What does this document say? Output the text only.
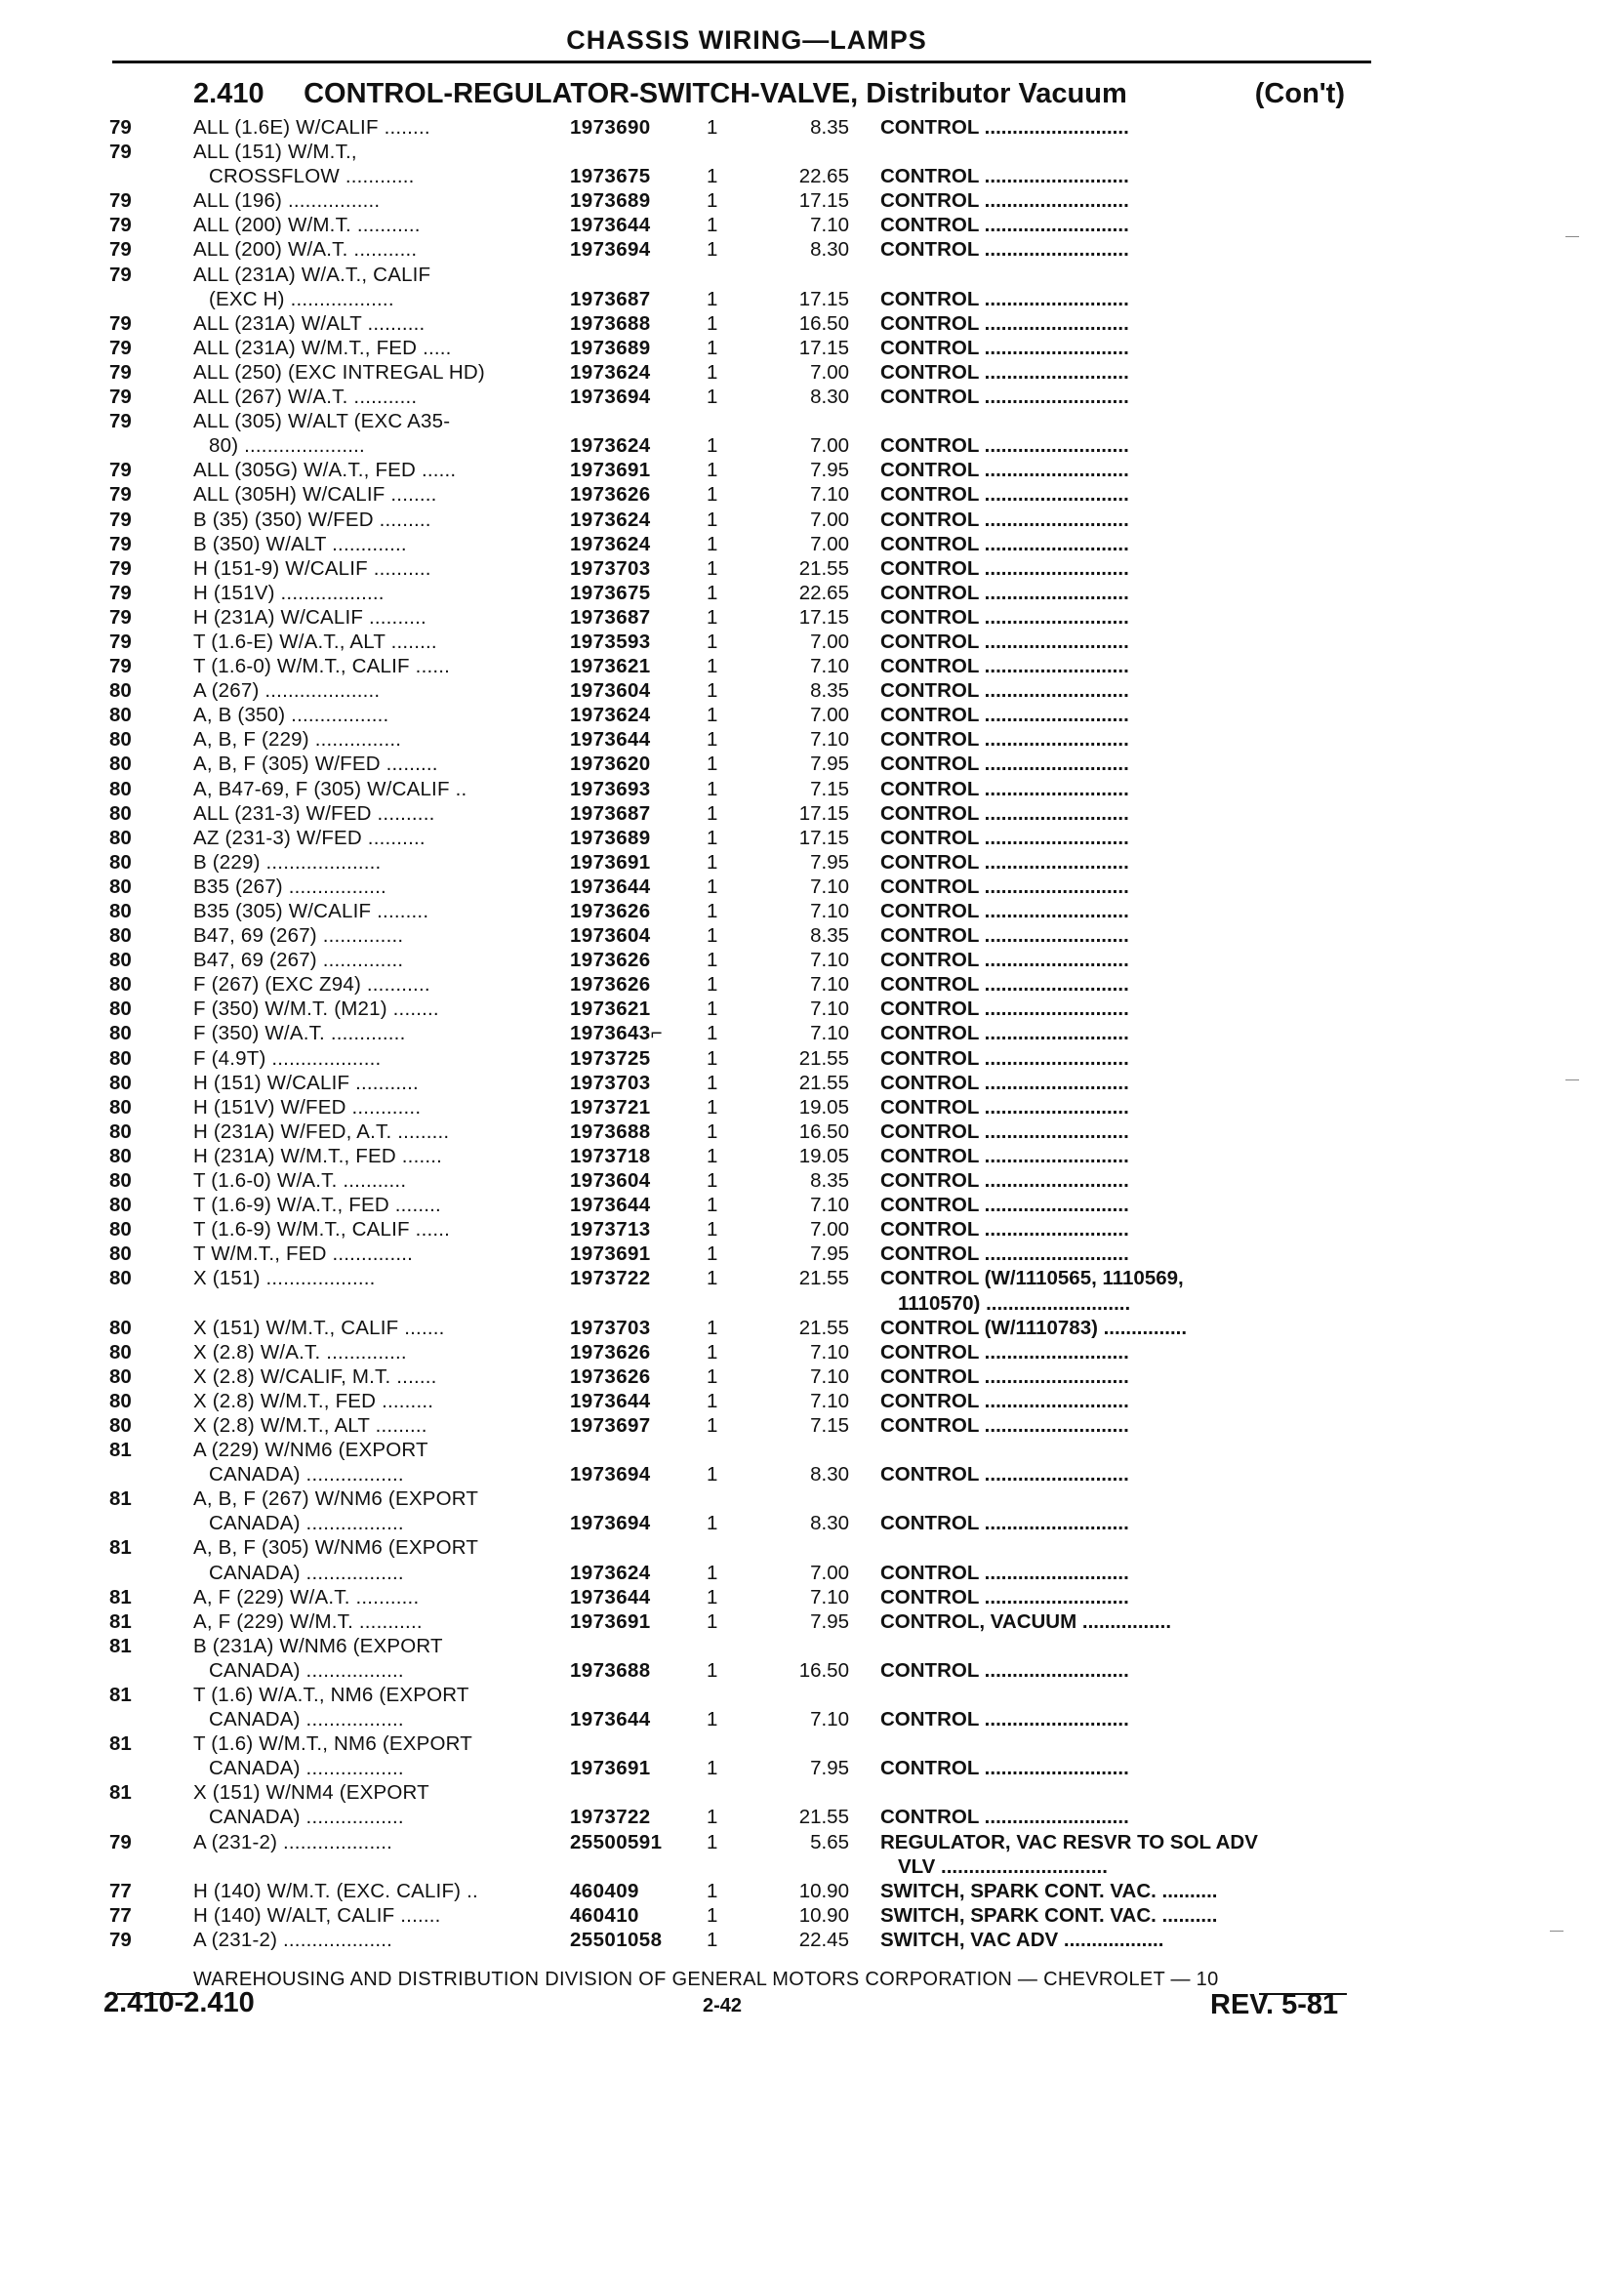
CHASSIS WIRING—LAMPS
2.410 CONTROL-REGULATOR-SWITCH-VALVE, Distributor Vacuum	(Con't)
79	ALL (1.6E) W/CALIF ........	1973690	1	8.35 CONTROL ..........................
79	ALL (151) W/M.T.,
CROSSFLOW ............	1973675	1	22.65 CONTROL ..........................
79	ALL (196) ................	1973689	1	17.15 CONTROL ..........................
79	ALL (200) W/M.T. ...........	1973644	1	7.10 CONTROL ..........................
79	ALL (200) W/A.T. ...........	1973694	1	8.30 CONTROL ..........................
79	ALL (231A) W/A.T., CALIF
(EXC H) ..................	1973687	1	17.15 CONTROL ..........................
79	ALL (231A) W/ALT ..........	1973688	1	16.50 CONTROL ..........................
79	ALL (231A) W/M.T., FED .....	1973689	1	17.15 CONTROL ..........................
79	ALL (250) (EXC INTREGAL HD)	1973624	1	7.00 CONTROL ..........................
79	ALL (267) W/A.T. ...........	1973694	1	8.30 CONTROL ..........................
79	ALL (305) W/ALT (EXC A35-
80) .....................	1973624	1	7.00 CONTROL ..........................
79	ALL (305G) W/A.T., FED ......	1973691	1	7.95 CONTROL ..........................
79	ALL (305H) W/CALIF ........	1973626	1	7.10 CONTROL ..........................
79	B (35) (350) W/FED .........	1973624	1	7.00 CONTROL ..........................
79	B (350) W/ALT .............	1973624	1	7.00 CONTROL ..........................
79	H (151-9) W/CALIF ..........	1973703	1	21.55 CONTROL ..........................
79	H (151V) ..................	1973675	1	22.65 CONTROL ..........................
79	H (231A) W/CALIF ..........	1973687	1	17.15 CONTROL ..........................
79	T (1.6-E) W/A.T., ALT ........	1973593	1	7.00 CONTROL ..........................
79	T (1.6-0) W/M.T., CALIF ......	1973621	1	7.10 CONTROL ..........................
80	A (267) ....................	1973604	1	8.35 CONTROL ..........................
80	A, B (350) .................	1973624	1	7.00 CONTROL ..........................
80	A, B, F (229) ...............	1973644	1	7.10 CONTROL ..........................
80	A, B, F (305) W/FED .........	1973620	1	7.95 CONTROL ..........................
80	A, B47-69, F (305) W/CALIF ..	1973693	1	7.15 CONTROL ..........................
80	ALL (231-3) W/FED ..........	1973687	1	17.15 CONTROL ..........................
80	AZ (231-3) W/FED ..........	1973689	1	17.15 CONTROL ..........................
80	B (229) ....................	1973691	1	7.95 CONTROL ..........................
80	B35 (267) .................	1973644	1	7.10 CONTROL ..........................
80	B35 (305) W/CALIF .........	1973626	1	7.10 CONTROL ..........................
80	B47, 69 (267) ..............	1973604	1	8.35 CONTROL ..........................
80	B47, 69 (267) ..............	1973626	1	7.10 CONTROL ..........................
80	F (267) (EXC Z94) ...........	1973626	1	7.10 CONTROL ..........................
80	F (350) W/M.T. (M21) ........	1973621	1	7.10 CONTROL ..........................
80	F (350) W/A.T. .............	1973643⌐ 1	7.10 CONTROL ..........................
80	F (4.9T) ...................	1973725	1	21.55 CONTROL ..........................
80	H (151) W/CALIF ...........	1973703	1	21.55 CONTROL ..........................
80	H (151V) W/FED ............	1973721	1	19.05 CONTROL ..........................
80	H (231A) W/FED, A.T. .........	1973688	1	16.50 CONTROL ..........................
80	H (231A) W/M.T., FED .......	1973718	1	19.05 CONTROL ..........................
80	T (1.6-0) W/A.T. ...........	1973604	1	8.35 CONTROL ..........................
80	T (1.6-9) W/A.T., FED ........	1973644	1	7.10 CONTROL ..........................
80	T (1.6-9) W/M.T., CALIF ......	1973713	1	7.00 CONTROL ..........................
80	T W/M.T., FED ..............	1973691	1	7.95 CONTROL ..........................
80	X (151) ...................	1973722	1	21.55 CONTROL (W/1110565, 1110569,
1110570) ..........................
80	X (151) W/M.T., CALIF .......	1973703	1	21.55 CONTROL (W/1110783) ...............
80	X (2.8) W/A.T. ..............	1973626	1	7.10 CONTROL ..........................
80	X (2.8) W/CALIF, M.T. .......	1973626	1	7.10 CONTROL ..........................
80	X (2.8) W/M.T., FED .........	1973644	1	7.10 CONTROL ..........................
80	X (2.8) W/M.T., ALT .........	1973697	1	7.15 CONTROL ..........................
81	A (229) W/NM6 (EXPORT
CANADA) .................	1973694	1	8.30 CONTROL ..........................
81	A, B, F (267) W/NM6 (EXPORT
CANADA) .................	1973694	1	8.30 CONTROL ..........................
81	A, B, F (305) W/NM6 (EXPORT
CANADA) .................	1973624	1	7.00 CONTROL ..........................
81	A, F (229) W/A.T. ...........	1973644	1	7.10 CONTROL ..........................
81	A, F (229) W/M.T. ...........	1973691	1	7.95 CONTROL, VACUUM ................
81	B (231A) W/NM6 (EXPORT
CANADA) .................	1973688	1	16.50 CONTROL ..........................
81	T (1.6) W/A.T., NM6 (EXPORT
CANADA) .................	1973644	1	7.10 CONTROL ..........................
81	T (1.6) W/M.T., NM6 (EXPORT
CANADA) .................	1973691	1	7.95 CONTROL ..........................
81	X (151) W/NM4 (EXPORT
CANADA) .................	1973722	1	21.55 CONTROL ..........................
79	A (231-2) ...................	25500591 1	5.65 REGULATOR, VAC RESVR TO SOL ADV
VLV ..............................
77	H (140) W/M.T. (EXC. CALIF) ..	460409	1	10.90 SWITCH, SPARK CONT. VAC. ..........
77	H (140) W/ALT, CALIF .......	460410	1	10.90 SWITCH, SPARK CONT. VAC. ..........
79	A (231-2) ...................	25501058 1	22.45 SWITCH, VAC ADV ..................
WAREHOUSING AND DISTRIBUTION DIVISION OF GENERAL MOTORS CORPORATION — CHEVROLET — 10
2.410-2.410	2-42	REV. 5-81
